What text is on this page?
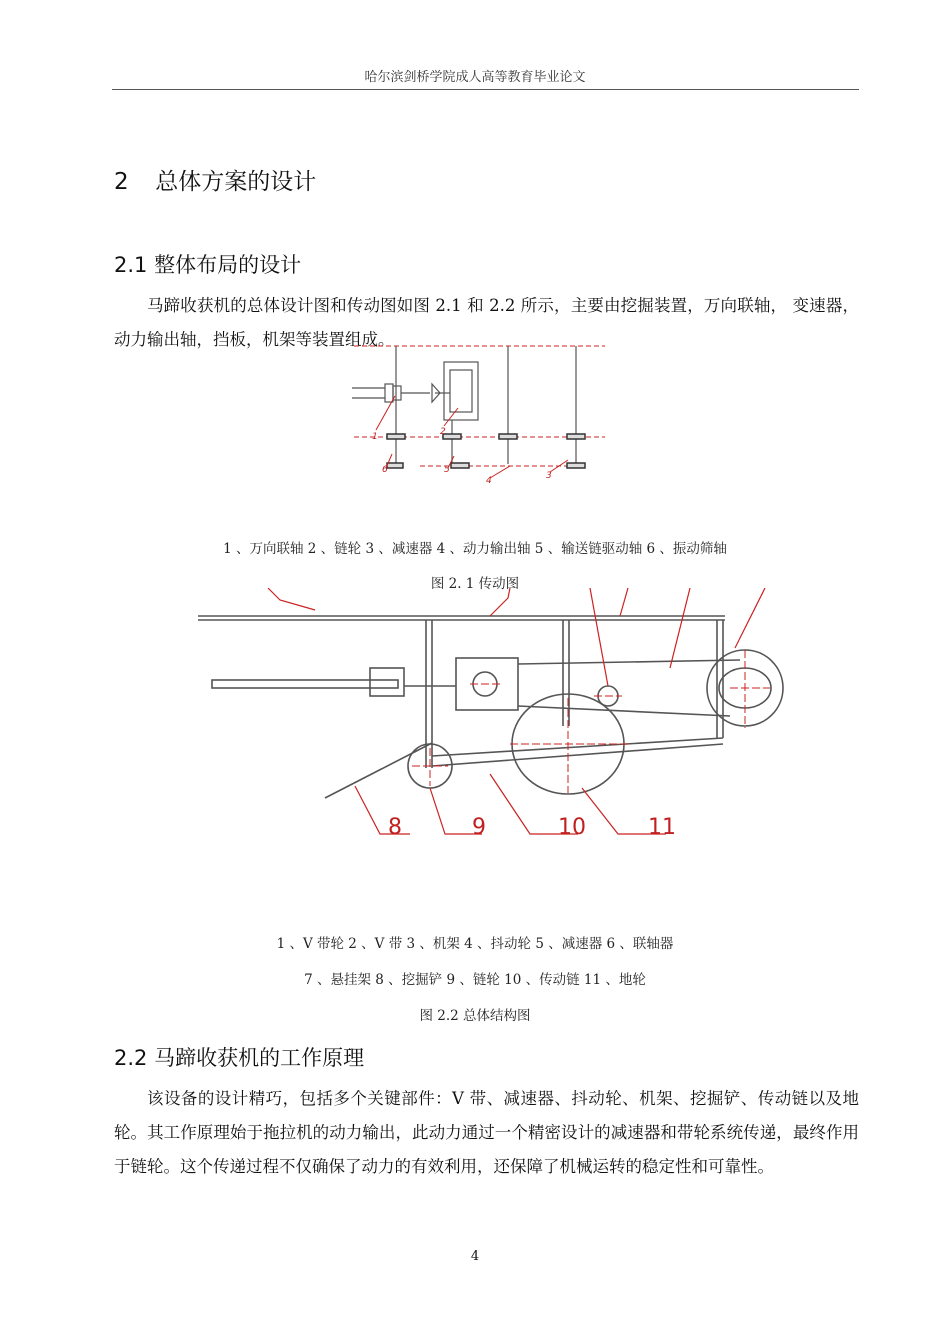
哈尔滨剑桥学院成人高等教育毕业论文
2 总体方案的设计
2.1 整体布局的设计
马蹄收获机的总体设计图和传动图如图 2.1 和 2.2 所示，主要由挖掘装置，万向联轴， 变速器，动力输出轴，挡板，机架等装置组成。
1	2
6	5
4	3
1 、万向联轴 2 、链轮 3 、减速器 4 、动力输出轴 5 、输送链驱动轴 6 、振动筛轴
图 2. 1 传动图
8	9	10	11
1 、V 带轮 2 、V 带 3 、机架 4 、抖动轮 5 、减速器 6 、联轴器
7 、悬挂架 8 、挖掘铲 9 、链轮 10 、传动链 11 、地轮
图 2.2 总体结构图
2.2 马蹄收获机的工作原理
该设备的设计精巧，包括多个关键部件：V 带、减速器、抖动轮、机架、挖掘铲、传动链以及地轮。其工作原理始于拖拉机的动力输出，此动力通过一个精密设计的减速器和带轮系统传递，最终作用于链轮。这个传递过程不仅确保了动力的有效利用，还保障了机械运转的稳定性和可靠性。
4
